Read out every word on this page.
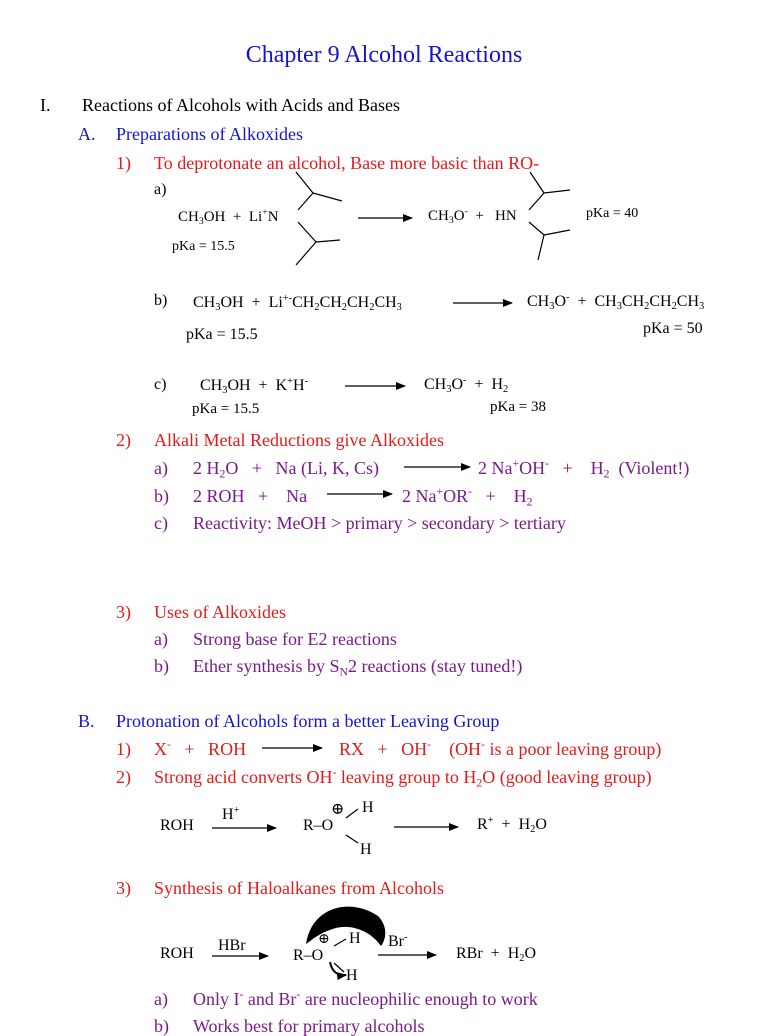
Chapter 9 Alcohol Reactions
I. Reactions of Alcohols with Acids and Bases
A. Preparations of Alkoxides
1) To deprotonate an alcohol, Base more basic than RO-
a)
$CH_3OH + Li^+N$
pKa = 15.5
$CH_3O^-$  +   HN	pKa = 40
b) $CH_3OH + Li^{+-}CH_2CH_2CH_2CH_3$	$CH_3O^- + CH_3CH_2CH_2CH_3$
pKa = 15.5	pKa = 50
c) $CH_3OH + K^+H^-$	$CH_3O^- + H_2$
pKa = 15.5	pKa = 38
2) Alkali Metal Reductions give Alkoxides
a) 2 $H_2O + Na$ (Li, K, Cs)	2 Na+OH-   +    $H_2$  (Violent!)
b) 2 ROH   +    Na	2 Na+OR-   +    $H_2$
c) Reactivity: MeOH > primary > secondary > tertiary
3) Uses of Alkoxides
a) Strong base for E2 reactions
b) Ether synthesis by $S_N2$ reactions (stay tuned!)
B. Protonation of Alcohols form a better Leaving Group
1) X-   +   ROH	RX   +   OH-    (OH- is a poor leaving group)
2) Strong acid converts OH- leaving group to $H_2O$ (good leaving group)
ROH
H+
R–O
⊕ H
H
$R^+ + H_2O$
3) Synthesis of Haloalkanes from Alcohols
ROH HBr
R–O
⊕ H
H
Br-
RBr  +  $H_2O$
a) Only I- and Br- are nucleophilic enough to work
b) Works best for primary alcohols
